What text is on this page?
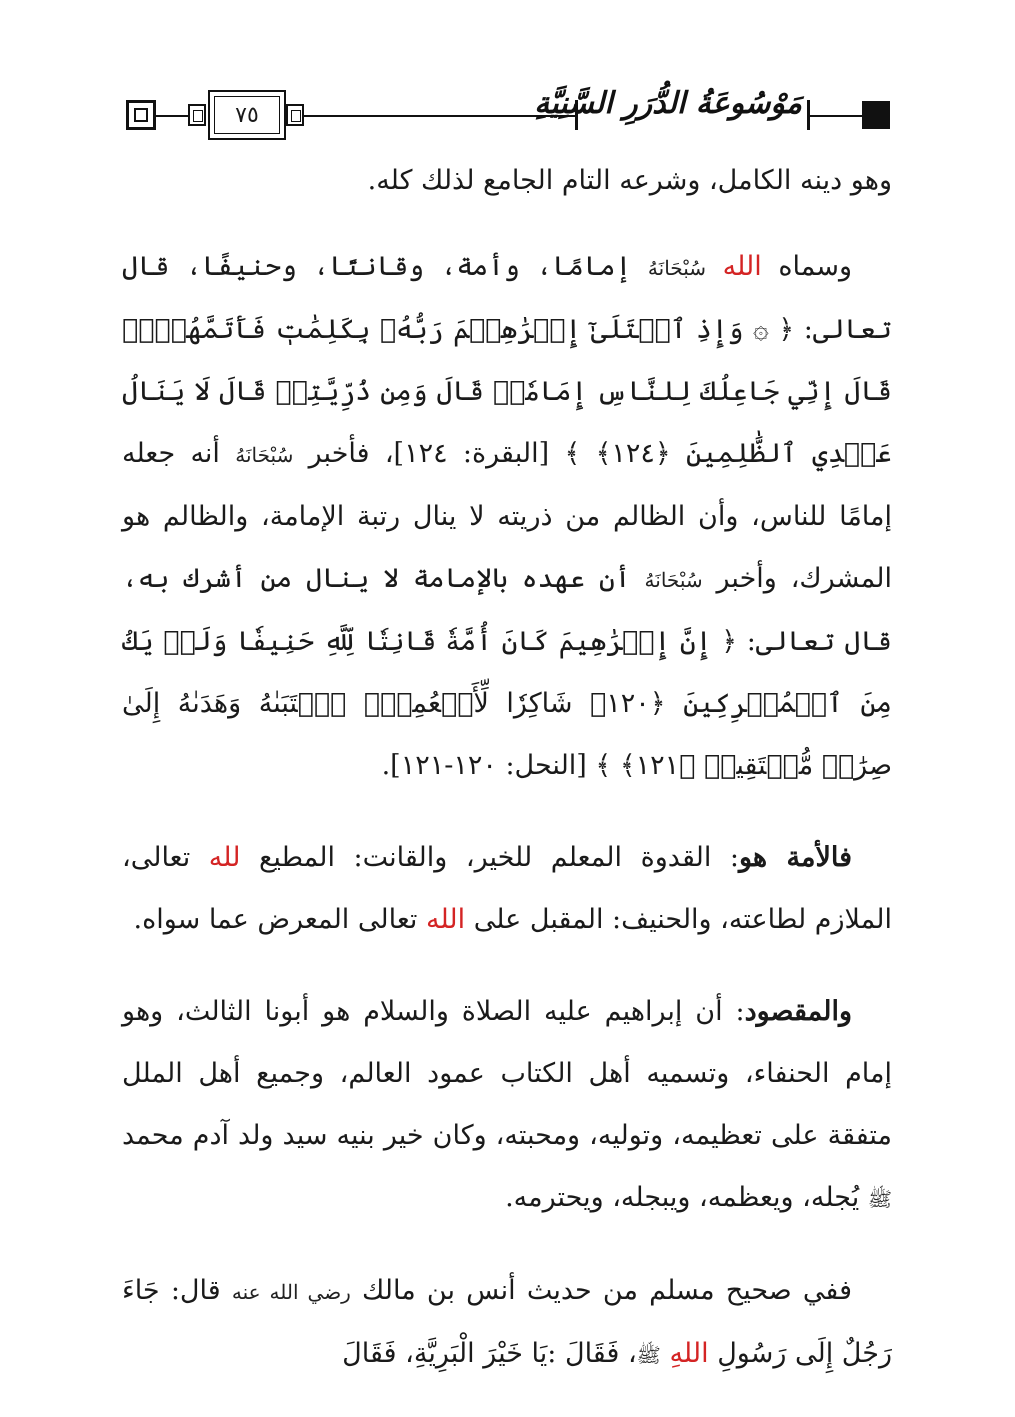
٧٥	مَوْسُوعَةُ الدُّرَرِ السَّنِيَّةِ

وهو دينه الكامل، وشرعه التام الجامع لذلك كله.

وسماه الله سُبْحَانَهُ إمامًا، وأمة، وقانتًا، وحنيفًا، قال تعالى: ﴿ ۞ وَإِذِ ٱبۡتَلَىٰٓ إِبۡرَٰهِـۧمَ رَبُّهُۥ بِكَلِمَٰتٖ فَأَتَمَّهُنَّۖ قَالَ إِنِّي جَاعِلُكَ لِلنَّاسِ إِمَامٗاۖ قَالَ وَمِن ذُرِّيَّتِيۖ قَالَ لَا يَنَالُ عَهۡدِي ٱلظَّٰلِمِينَ ﴿١٢٤﴾ ﴾ [البقرة: ١٢٤]، فأخبر سُبْحَانَهُ أنه جعله إمامًا للناس، وأن الظالم من ذريته لا ينال رتبة الإمامة، والظالم هو المشرك، وأخبر سُبْحَانَهُ أن عهده بالإمامة لا ينال من أشرك به، قال تعالى: ﴿ إِنَّ إِبۡرَٰهِيمَ كَانَ أُمَّةٗ قَانِتٗا لِّلَّهِ حَنِيفٗا وَلَمۡ يَكُ مِنَ ٱلۡمُشۡرِكِينَ ﴿١٢٠﴾ شَاكِرٗا لِّأَنۡعُمِهِۚ ٱجۡتَبَىٰهُ وَهَدَىٰهُ إِلَىٰ صِرَٰطٖ مُّسۡتَقِيمٖ ﴿١٢١﴾ ﴾ [النحل: ١٢٠-١٢١].

فالأمة هو: القدوة المعلم للخير، والقانت: المطيع لله تعالى، الملازم لطاعته، والحنيف: المقبل على الله تعالى المعرض عما سواه.

والمقصود: أن إبراهيم عليه الصلاة والسلام هو أبونا الثالث، وهو إمام الحنفاء، وتسميه أهل الكتاب عمود العالم، وجميع أهل الملل متفقة على تعظيمه، وتوليه، ومحبته، وكان خير بنيه سيد ولد آدم محمد ﷺ يُجله، ويعظمه، ويبجله، ويحترمه.

ففي صحيح مسلم من حديث أنس بن مالك رضي الله عنه قال: جَاءَ رَجُلٌ إِلَى رَسُولِ اللهِ ﷺ، فَقَالَ :يَا خَيْرَ الْبَرِيَّةِ، فَقَالَ
